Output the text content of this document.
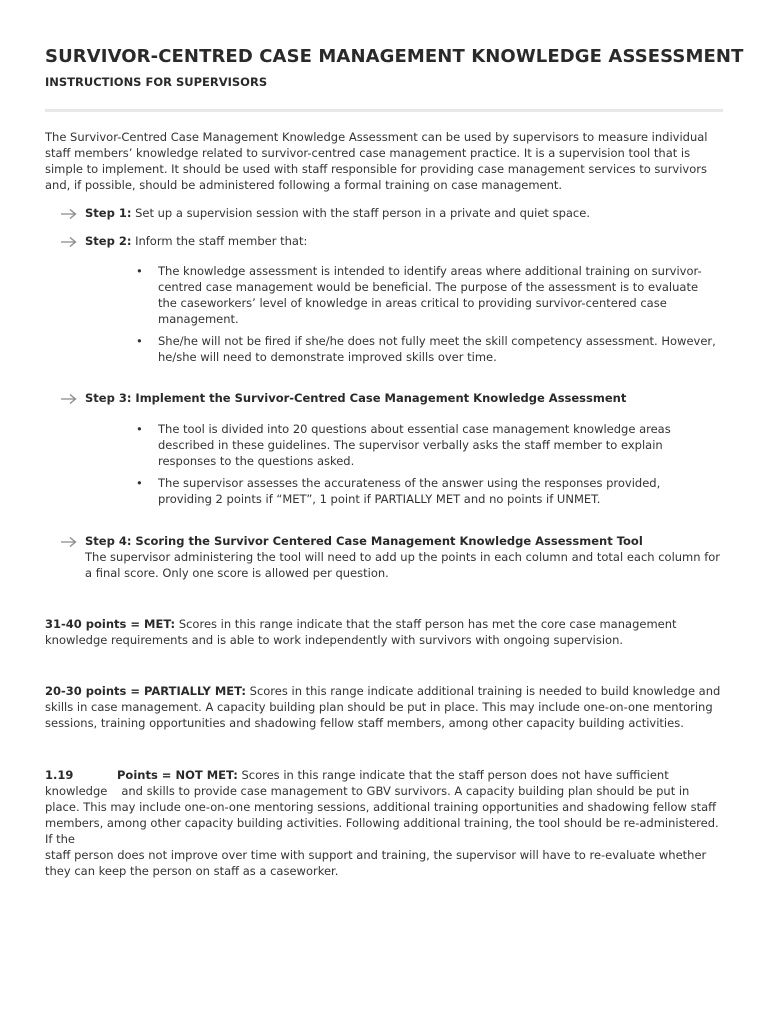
SURVIVOR-CENTRED CASE MANAGEMENT KNOWLEDGE ASSESSMENT
INSTRUCTIONS FOR SUPERVISORS
The Survivor-Centred Case Management Knowledge Assessment can be used by supervisors to measure individual staff members’ knowledge related to survivor-centred case management practice. It is a supervision tool that is simple to implement. It should be used with staff responsible for providing case management services to survivors and, if possible, should be administered following a formal training on case management.
Step 1: Set up a supervision session with the staff person in a private and quiet space.
Step 2: Inform the staff member that:
• The knowledge assessment is intended to identify areas where additional training on survivor- centred case management would be beneficial. The purpose of the assessment is to evaluate the caseworkers’ level of knowledge in areas critical to providing survivor-centered case management.
• She/he will not be fired if she/he does not fully meet the skill competency assessment. However, he/she will need to demonstrate improved skills over time.
Step 3: Implement the Survivor-Centred Case Management Knowledge Assessment
• The tool is divided into 20 questions about essential case management knowledge areas described in these guidelines. The supervisor verbally asks the staff member to explain responses to the questions asked.
• The supervisor assesses the accurateness of the answer using the responses provided, providing 2 points if “MET”, 1 point if PARTIALLY MET and no points if UNMET.
Step 4: Scoring the Survivor Centered Case Management Knowledge Assessment Tool
The supervisor administering the tool will need to add up the points in each column and total each column for a final score. Only one score is allowed per question.
31-40 points = MET: Scores in this range indicate that the staff person has met the core case management knowledge requirements and is able to work independently with survivors with ongoing supervision.
20-30 points = PARTIALLY MET: Scores in this range indicate additional training is needed to build knowledge and skills in case management. A capacity building plan should be put in place. This may include one-on-one mentoring sessions, training opportunities and shadowing fellow staff members, among other capacity building activities.
1.19	Points = NOT MET: Scores in this range indicate that the staff person does not have sufficient knowledge and skills to provide case management to GBV survivors. A capacity building plan should be put in place. This may include one-on-one mentoring sessions, additional training opportunities and shadowing fellow staff members, among other capacity building activities. Following additional training, the tool should be re-administered. If the
staff person does not improve over time with support and training, the supervisor will have to re-evaluate whether they can keep the person on staff as a caseworker.
